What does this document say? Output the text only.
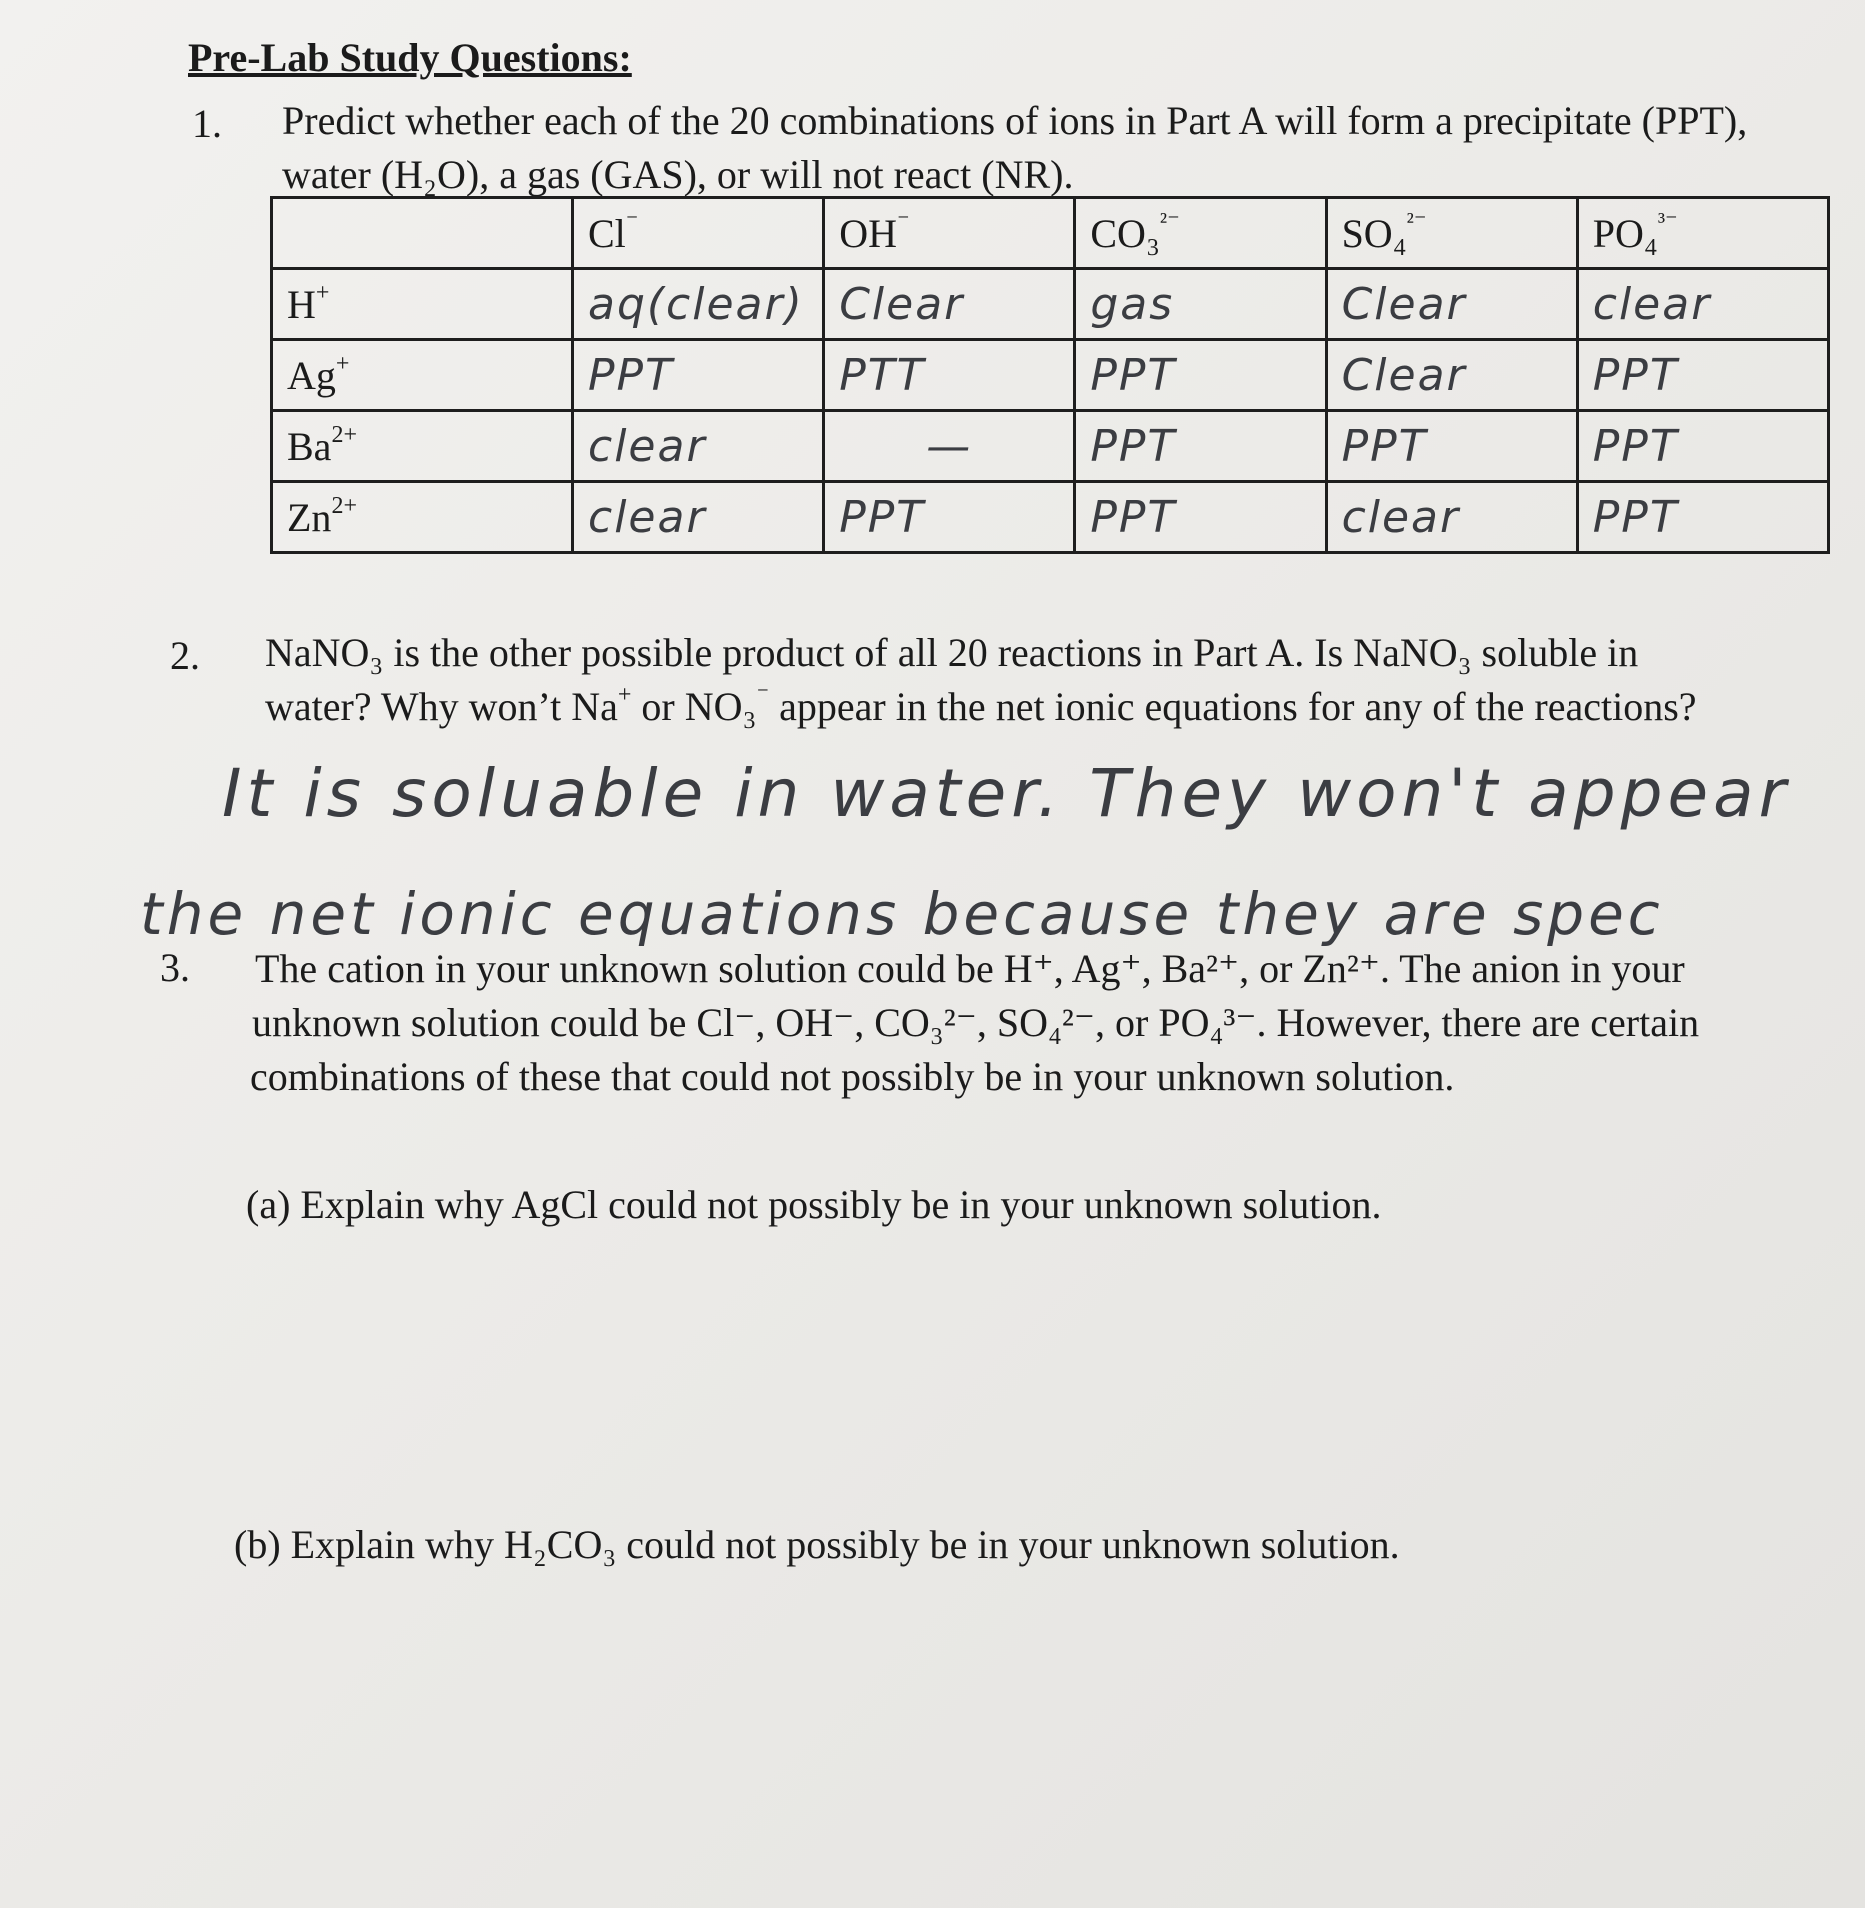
Pre-Lab Study Questions:
1. Predict whether each of the 20 combinations of ions in Part A will form a precipitate (PPT),
water (H₂O), a gas (GAS), or will not react (NR).
	Cl⁻	OH⁻	CO₃$^{^{2-}}$	SO₄$^{^{2-}}$	PO₄$^{^{3-}}$
H+	aq(clear)	Clear	gas	Clear	clear
Ag+	PPT	PTT	PPT	Clear	PPT
$Ba^{2+}$	clear	—	PPT	PPT	PPT
$Zn^{2+}$	clear	PPT	PPT	clear	PPT
2. NaNO₃ is the other possible product of all 20 reactions in Part A. Is NaNO₃ soluble in
water? Why won’t Na+ or NO₃⁻ appear in the net ionic equations for any of the reactions?
It is soluable in water. They won't appear
the net ionic equations because they are spec
3. The cation in your unknown solution could be H⁺, Ag⁺, Ba²⁺, or Zn²⁺. The anion in your
unknown solution could be Cl⁻, OH⁻, CO₃²⁻, SO₄²⁻, or PO₄³⁻. However, there are certain
combinations of these that could not possibly be in your unknown solution.
(a) Explain why AgCl could not possibly be in your unknown solution.
(b) Explain why H₂CO₃ could not possibly be in your unknown solution.
